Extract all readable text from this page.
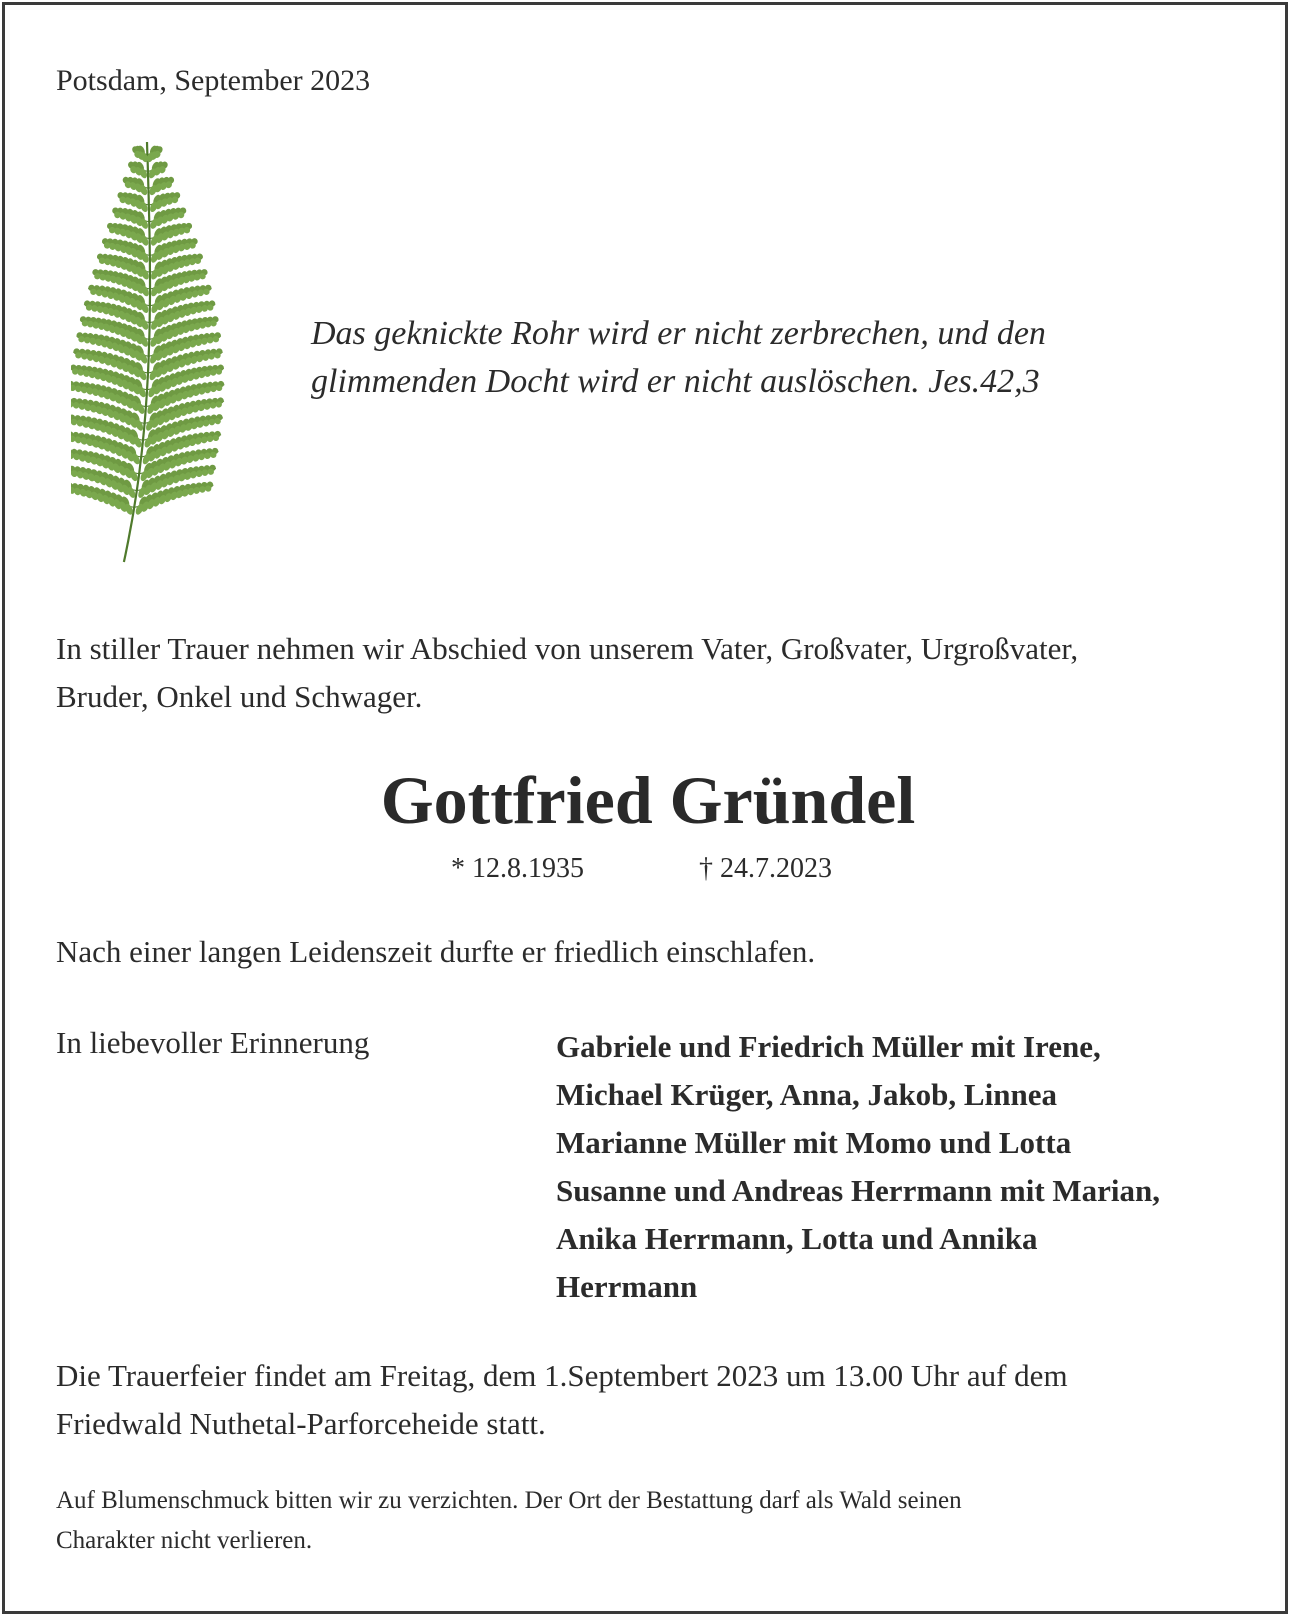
Potsdam, September 2023
Das geknickte Rohr wird er nicht zerbrechen, und den
glimmenden Docht wird er nicht auslöschen. Jes.42,3
In stiller Trauer nehmen wir Abschied von unserem Vater, Großvater, Urgroßvater,
Bruder, Onkel und Schwager.
Gottfried Gründel
* 12.8.1935	† 24.7.2023
Nach einer langen Leidenszeit durfte er friedlich einschlafen.
In liebevoller Erinnerung	Gabriele und Friedrich Müller mit Irene,
Michael Krüger, Anna, Jakob, Linnea
Marianne Müller mit Momo und Lotta
Susanne und Andreas Herrmann mit Marian,
Anika Herrmann, Lotta und Annika
Herrmann
Die Trauerfeier findet am Freitag, dem 1.Septembert 2023 um 13.00 Uhr auf dem
Friedwald Nuthetal-Parforceheide statt.
Auf Blumenschmuck bitten wir zu verzichten. Der Ort der Bestattung darf als Wald seinen
Charakter nicht verlieren.
